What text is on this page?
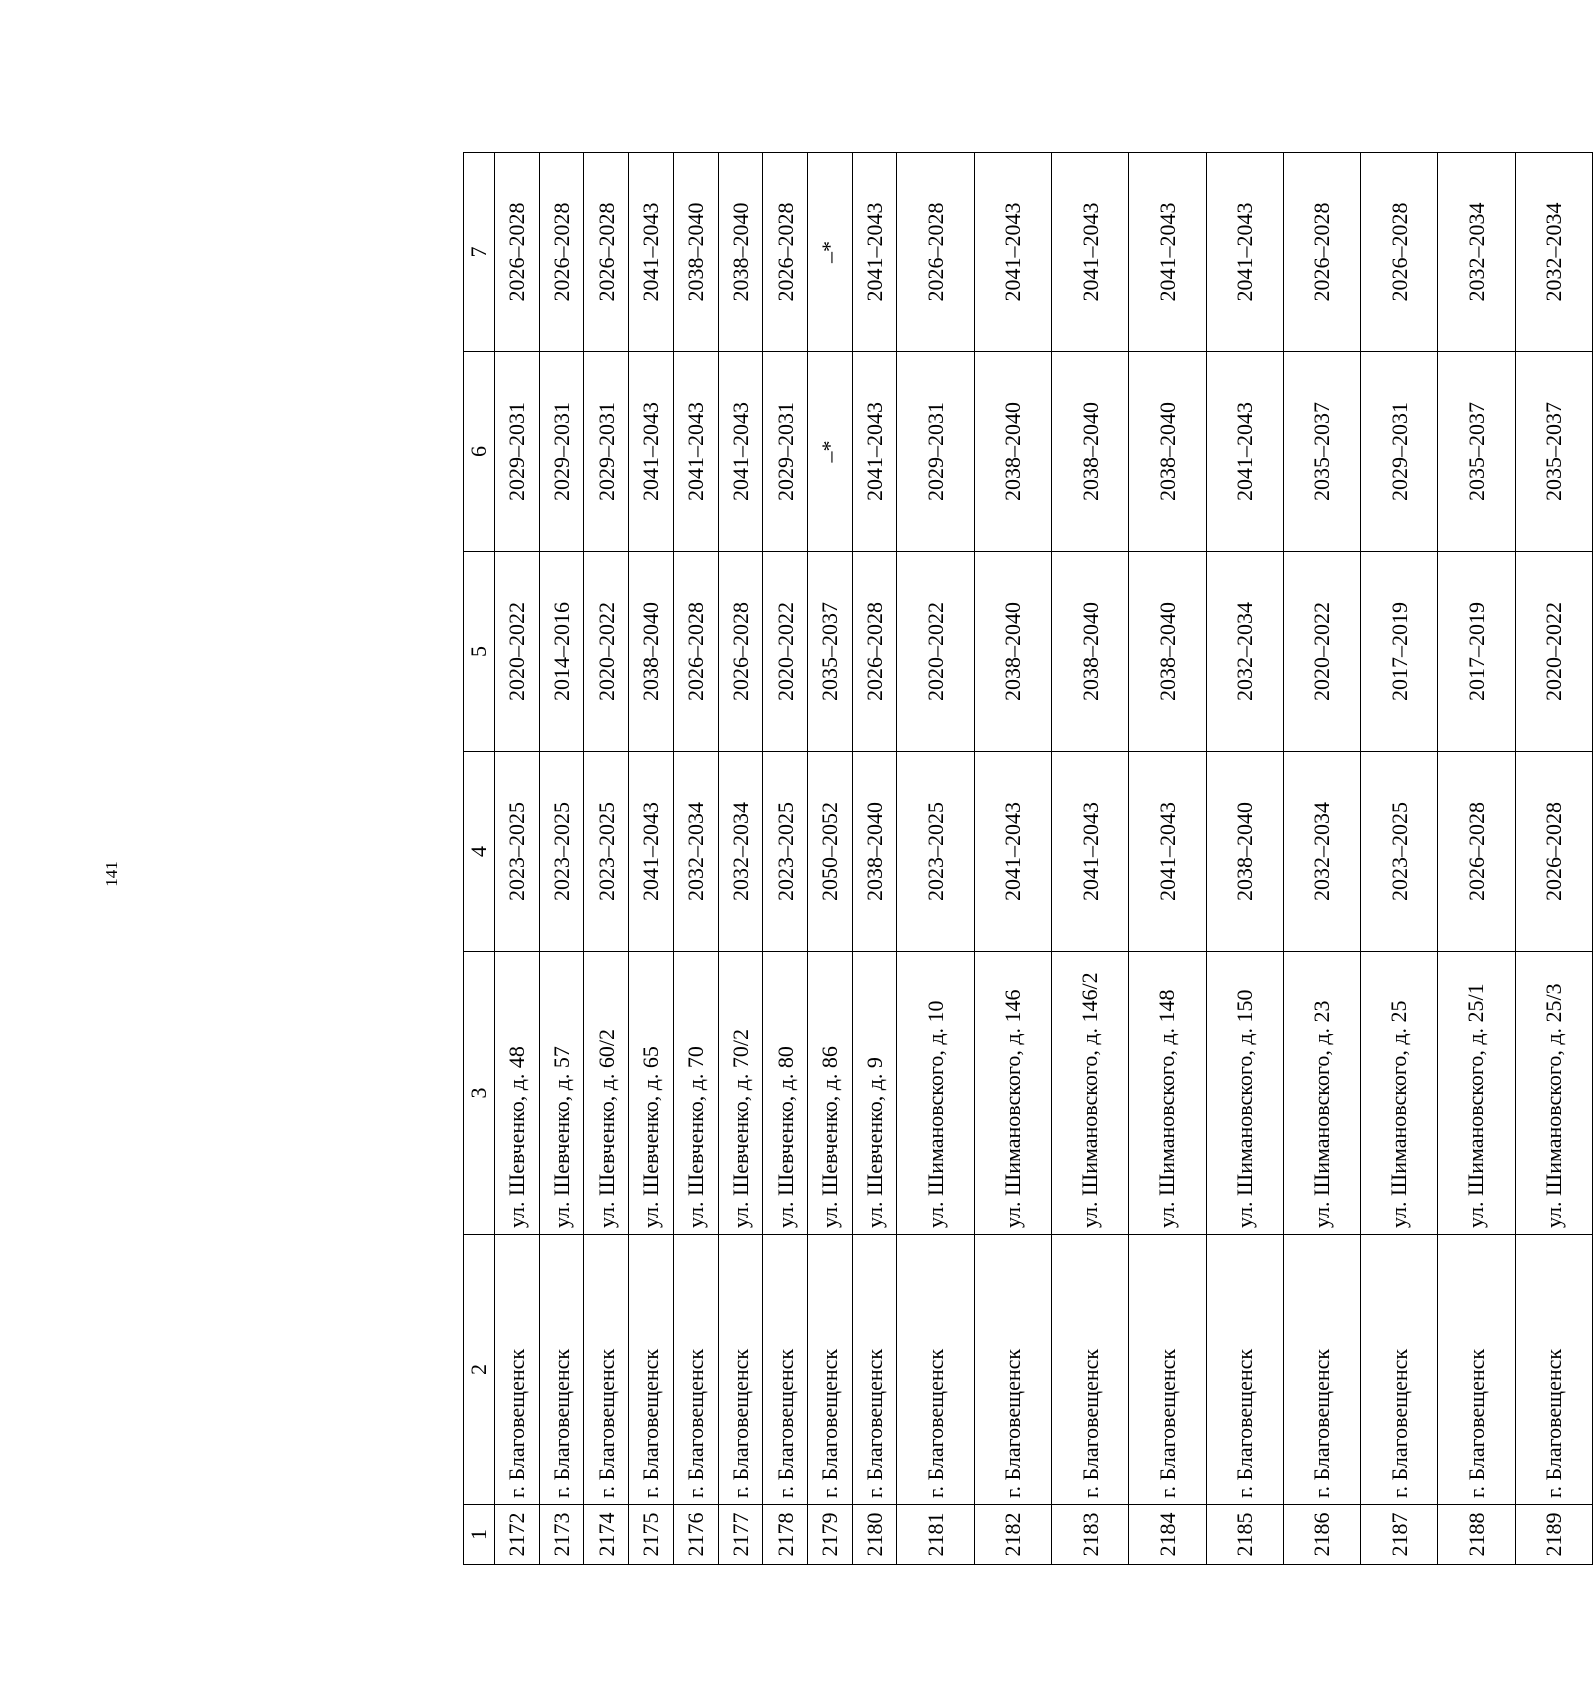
141
1	2	3	4	5	6	7
2172	г. Благовещенск	ул. Шевченко, д. 48	2023–2025	2020–2022	2029–2031	2026–2028
2173	г. Благовещенск	ул. Шевченко, д. 57	2023–2025	2014–2016	2029–2031	2026–2028
2174	г. Благовещенск	ул. Шевченко, д. 60/2	2023–2025	2020–2022	2029–2031	2026–2028
2175	г. Благовещенск	ул. Шевченко, д. 65	2041–2043	2038–2040	2041–2043	2041–2043
2176	г. Благовещенск	ул. Шевченко, д. 70	2032–2034	2026–2028	2041–2043	2038–2040
2177	г. Благовещенск	ул. Шевченко, д. 70/2	2032–2034	2026–2028	2041–2043	2038–2040
2178	г. Благовещенск	ул. Шевченко, д. 80	2023–2025	2020–2022	2029–2031	2026–2028
2179	г. Благовещенск	ул. Шевченко, д. 86	2050–2052	2035–2037	–*	–*
2180	г. Благовещенск	ул. Шевченко, д. 9	2038–2040	2026–2028	2041–2043	2041–2043
2181	г. Благовещенск	ул. Шимановского, д. 10	2023–2025	2020–2022	2029–2031	2026–2028
2182	г. Благовещенск	ул. Шимановского, д. 146	2041–2043	2038–2040	2038–2040	2041–2043
2183	г. Благовещенск	ул. Шимановского, д. 146/2	2041–2043	2038–2040	2038–2040	2041–2043
2184	г. Благовещенск	ул. Шимановского, д. 148	2041–2043	2038–2040	2038–2040	2041–2043
2185	г. Благовещенск	ул. Шимановского, д. 150	2038–2040	2032–2034	2041–2043	2041–2043
2186	г. Благовещенск	ул. Шимановского, д. 23	2032–2034	2020–2022	2035–2037	2026–2028
2187	г. Благовещенск	ул. Шимановского, д. 25	2023–2025	2017–2019	2029–2031	2026–2028
2188	г. Благовещенск	ул. Шимановского, д. 25/1	2026–2028	2017–2019	2035–2037	2032–2034
2189	г. Благовещенск	ул. Шимановского, д. 25/3	2026–2028	2020–2022	2035–2037	2032–2034
